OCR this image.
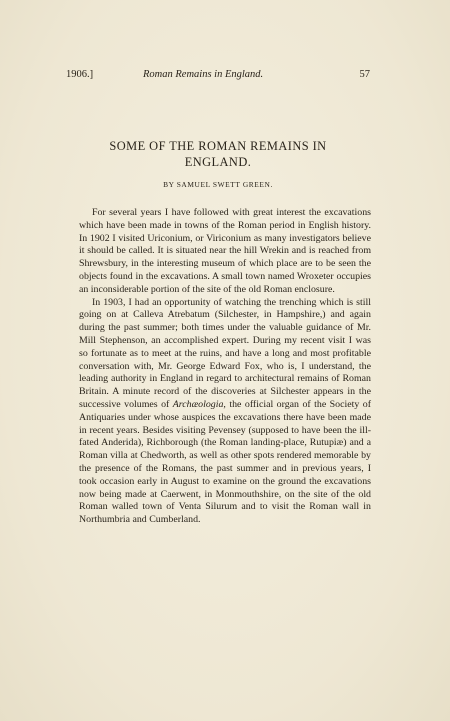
1906.]	Roman Remains in England.	57
SOME OF THE ROMAN REMAINS IN
ENGLAND.
BY SAMUEL SWETT GREEN.

For several years I have followed with great interest the excavations which have been made in towns of the Roman period in English history. In 1902 I visited Uriconium, or Viriconium as many investigators believe it should be called. It is situated near the hill Wrekin and is reached from Shrewsbury, in the interesting museum of which place are to be seen the objects found in the excavations. A small town named Wroxeter occupies an inconsiderable portion of the site of the old Roman enclosure.

In 1903, I had an opportunity of watching the trenching which is still going on at Calleva Atrebatum (Silchester, in Hampshire,) and again during the past summer; both times under the valuable guidance of Mr. Mill Stephenson, an accomplished expert. During my recent visit I was so fortunate as to meet at the ruins, and have a long and most profitable conversation with, Mr. George Edward Fox, who is, I understand, the leading authority in England in regard to architectural remains of Roman Britain. A minute record of the discoveries at Silchester appears in the successive volumes of Archæologia, the official organ of the Society of Antiquaries under whose auspices the excavations there have been made in recent years. Besides visiting Pevensey (supposed to have been the ill-fated Anderida), Richborough (the Roman landing-place, Rutupiæ) and a Roman villa at Chedworth, as well as other spots rendered memorable by the presence of the Romans, the past summer and in previous years, I took occasion early in August to examine on the ground the excavations now being made at Caerwent, in Monmouthshire, on the site of the old Roman walled town of Venta Silurum and to visit the Roman wall in Northumbria and Cumberland.
